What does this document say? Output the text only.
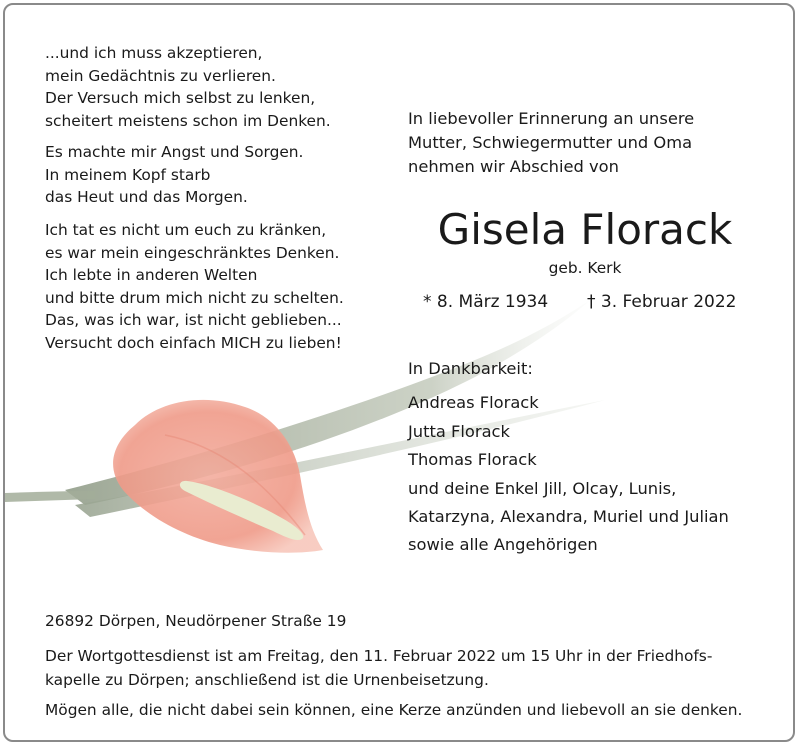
...und ich muss akzeptieren,
mein Gedächtnis zu verlieren.
Der Versuch mich selbst zu lenken,
scheitert meistens schon im Denken.
Es machte mir Angst und Sorgen.
In meinem Kopf starb
das Heut und das Morgen.
Ich tat es nicht um euch zu kränken,
es war mein eingeschränktes Denken.
Ich lebte in anderen Welten
und bitte drum mich nicht zu schelten.
Das, was ich war, ist nicht geblieben...
Versucht doch einfach MICH zu lieben!
In liebevoller Erinnerung an unsere
Mutter, Schwiegermutter und Oma
nehmen wir Abschied von
Gisela Florack
geb. Kerk
* 8. März 1934 † 3. Februar 2022
In Dankbarkeit:
Andreas Florack
Jutta Florack
Thomas Florack
und deine Enkel Jill, Olcay, Lunis,
Katarzyna, Alexandra, Muriel und Julian
sowie alle Angehörigen
26892 Dörpen, Neudörpener Straße 19
Der Wortgottesdienst ist am Freitag, den 11. Februar 2022 um 15 Uhr in der Friedhofs-
kapelle zu Dörpen; anschließend ist die Urnenbeisetzung.
Mögen alle, die nicht dabei sein können, eine Kerze anzünden und liebevoll an sie denken.
